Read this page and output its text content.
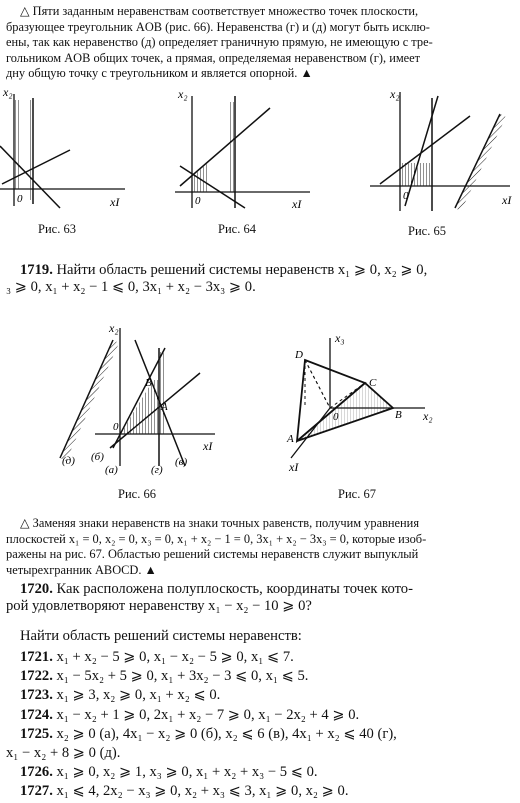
△ Пяти заданным неравенствам соответствует множество точек плоскости,
бразующее треугольник AOB (рис. 66). Неравенства (г) и (д) могут быть исклю-
ены, так как неравенство (д) определяет граничную прямую, не имеющую с тре-
гольником AOB общих точек, а прямая, определяемая неравенством (г), имеет
дну общую точку с треугольником и является опорной. ▲
x₂
xI
0
Рис. 63
x₂
xI
0
Рис. 64
x₂
xI
0
Рис. 65
1719. Найти область решений системы неравенств x₁ ⩾ 0, x₂ ⩾ 0,
₃ ⩾ 0, x₁ + x₂ − 1 ⩽ 0, 3x₁ + x₂ − 3x₃ ⩾ 0.
x₂
xI
A
B
0
(д) (б)
(а)	(г)
(в)
Рис. 66
x₃
x₂
xI
D
C
B
A
0
Рис. 67
△ Заменяя знаки неравенств на знаки точных равенств, получим уравнения
плоскостей x₁ = 0, x₂ = 0, x₃ = 0, x₁ + x₂ − 1 = 0, 3x₁ + x₂ − 3x₃ = 0, которые изоб-
ражены на рис. 67. Областью решений системы неравенств служит выпуклый
четырехгранник ABOCD. ▲
1720. Как расположена полуплоскость, координаты точек кото-
рой удовлетворяют неравенству x₁ − x₂ − 10 ⩾ 0?
Найти область решений системы неравенств:
1721. x₁ + x₂ − 5 ⩾ 0, x₁ − x₂ − 5 ⩾ 0, x₁ ⩽ 7.
1722. x₁ − 5x₂ + 5 ⩾ 0, x₁ + 3x₂ − 3 ⩽ 0, x₁ ⩽ 5.
1723. x₁ ⩾ 3, x₂ ⩾ 0, x₁ + x₂ ⩽ 0.
1724. x₁ − x₂ + 1 ⩾ 0, 2x₁ + x₂ − 7 ⩾ 0, x₁ − 2x₂ + 4 ⩾ 0.
1725. x₂ ⩾ 0 (а), 4x₁ − x₂ ⩾ 0 (б), x₂ ⩽ 6 (в), 4x₁ + x₂ ⩽ 40 (г),
x₁ − x₂ + 8 ⩾ 0 (д).
1726. x₁ ⩾ 0, x₂ ⩾ 1, x₃ ⩾ 0, x₁ + x₂ + x₃ − 5 ⩽ 0.
1727. x₁ ⩽ 4, 2x₂ − x₃ ⩾ 0, x₂ + x₃ ⩽ 3, x₁ ⩾ 0, x₂ ⩾ 0.
